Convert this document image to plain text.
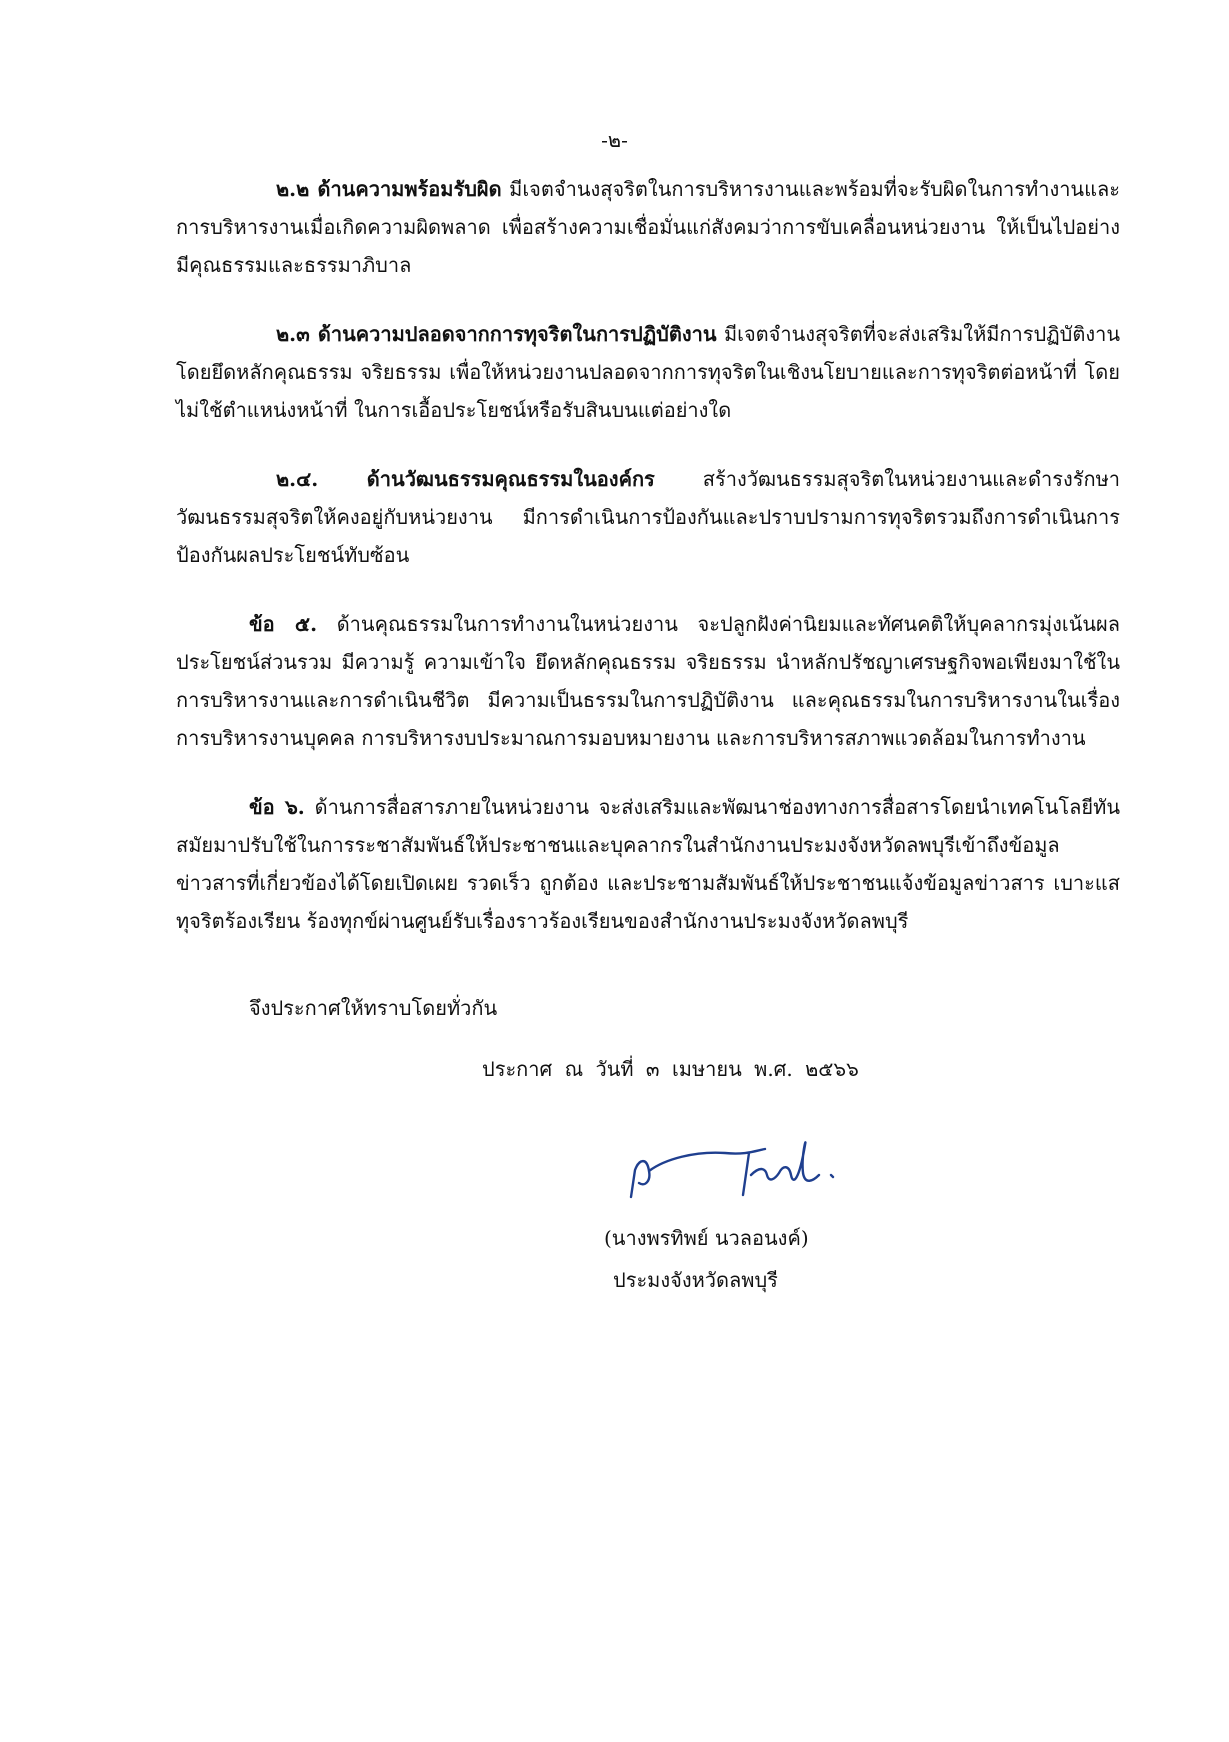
-๒-

๒.๒ ด้านความพร้อมรับผิด มีเจตจำนงสุจริตในการบริหารงานและพร้อมที่จะรับผิดในการทำงานและการบริหารงานเมื่อเกิดความผิดพลาด เพื่อสร้างความเชื่อมั่นแก่สังคมว่าการขับเคลื่อนหน่วยงาน ให้เป็นไปอย่างมีคุณธรรมและธรรมาภิบาล

๒.๓ ด้านความปลอดจากการทุจริตในการปฏิบัติงาน มีเจตจำนงสุจริตที่จะส่งเสริมให้มีการปฏิบัติงานโดยยึดหลักคุณธรรม จริยธรรม เพื่อให้หน่วยงานปลอดจากการทุจริตในเชิงนโยบายและการทุจริตต่อหน้าที่ โดยไม่ใช้ตำแหน่งหน้าที่ ในการเอื้อประโยชน์หรือรับสินบนแต่อย่างใด

๒.๔. ด้านวัฒนธรรมคุณธรรมในองค์กร สร้างวัฒนธรรมสุจริตในหน่วยงานและดำรงรักษาวัฒนธรรมสุจริตให้คงอยู่กับหน่วยงาน มีการดำเนินการป้องกันและปราบปรามการทุจริตรวมถึงการดำเนินการป้องกันผลประโยชน์ทับซ้อน

ข้อ ๕. ด้านคุณธรรมในการทำงานในหน่วยงาน จะปลูกฝังค่านิยมและทัศนคติให้บุคลากรมุ่งเน้นผลประโยชน์ส่วนรวม มีความรู้ ความเข้าใจ ยึดหลักคุณธรรม จริยธรรม นำหลักปรัชญาเศรษฐกิจพอเพียงมาใช้ในการบริหารงานและการดำเนินชีวิต มีความเป็นธรรมในการปฏิบัติงาน และคุณธรรมในการบริหารงานในเรื่องการบริหารงานบุคคล การบริหารงบประมาณการมอบหมายงาน และการบริหารสภาพแวดล้อมในการทำงาน

ข้อ ๖. ด้านการสื่อสารภายในหน่วยงาน จะส่งเสริมและพัฒนาช่องทางการสื่อสารโดยนำเทคโนโลยีทันสมัยมาปรับใช้ในการระชาสัมพันธ์ให้ประชาชนและบุคลากรในสำนักงานประมงจังหวัดลพบุรีเข้าถึงข้อมูลข่าวสารที่เกี่ยวข้องได้โดยเปิดเผย รวดเร็ว ถูกต้อง และประชามสัมพันธ์ให้ประชาชนแจ้งข้อมูลข่าวสาร เบาะแสทุจริตร้องเรียน ร้องทุกข์ผ่านศูนย์รับเรื่องราวร้องเรียนของสำนักงานประมงจังหวัดลพบุรี

จึงประกาศให้ทราบโดยทั่วกัน
ประกาศ ณ วันที่ ๓ เมษายน พ.ศ. ๒๕๖๖
(นางพรทิพย์ นวลอนงค์)
ประมงจังหวัดลพบุรี
